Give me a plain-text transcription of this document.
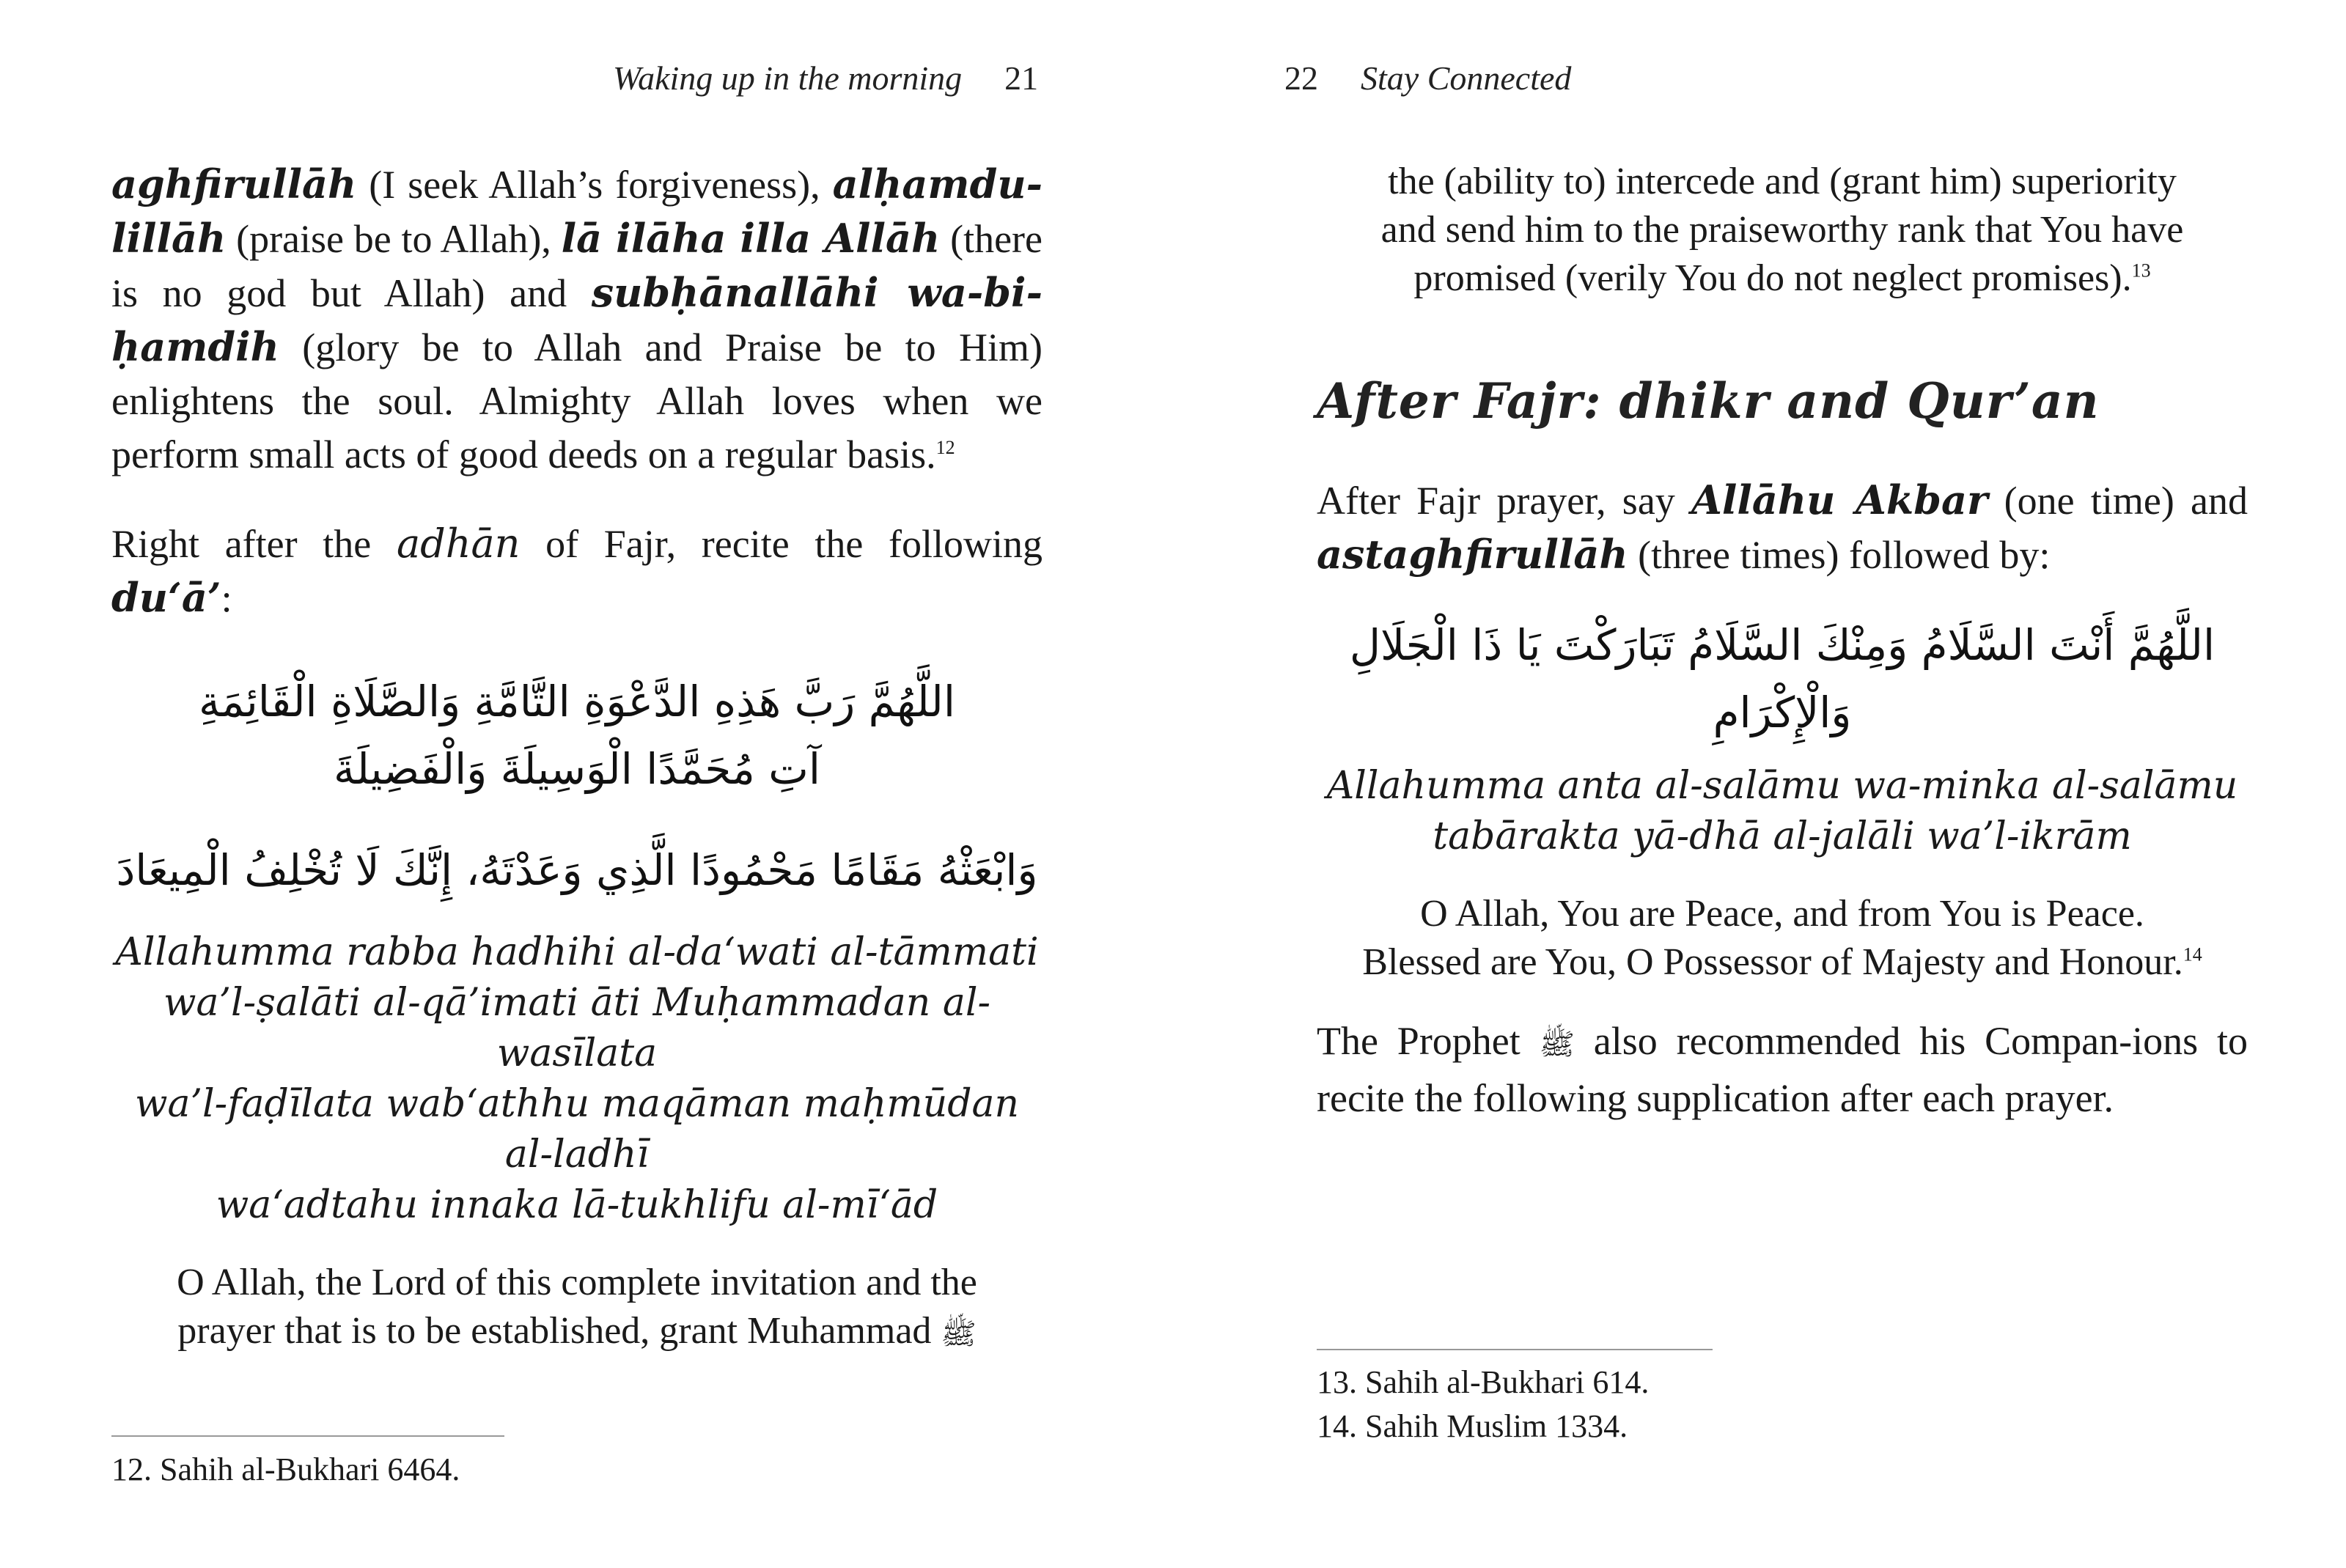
Waking up in the morning 21

aghfirullāh (I seek Allah’s forgiveness), alḥamdu-lillāh (praise be to Allah), lā ilāha illa Allāh (there is no god but Allah) and subḥānallāhi wa-bi-ḥamdih (glory be to Allah and Praise be to Him) enlightens the soul. Almighty Allah loves when we perform small acts of good deeds on a regular basis.$^{12}$

Right after the adhān of Fajr, recite the following du‘ā’:

اللَّهُمَّ رَبَّ هَذِهِ الدَّعْوَةِ التَّامَّةِ وَالصَّلَاةِ الْقَائِمَةِ
آتِ مُحَمَّدًا الْوَسِيلَةَ وَالْفَضِيلَةَ
وَابْعَثْهُ مَقَامًا مَحْمُودًا الَّذِي وَعَدْتَهُ، إِنَّكَ لَا تُخْلِفُ الْمِيعَادَ
Allahumma rabba hadhihi al-da‘wati al-tāmmati
wa’l-ṣalāti al-qā’imati āti Muḥammadan al-wasīlata
wa’l-faḍīlata wab‘athhu maqāman maḥmūdan al-ladhī
wa‘adtahu innaka lā-tukhlifu al-mī‘ād
O Allah, the Lord of this complete invitation and the
prayer that is to be established, grant Muhammad ﷺ
12. Sahih al-Bukhari 6464.
22 Stay Connected
the (ability to) intercede and (grant him) superiority
and send him to the praiseworthy rank that You have
promised (verily You do not neglect promises).$^{13}$
After Fajr: dhikr and Qur’an

After Fajr prayer, say Allāhu Akbar (one time) and astaghfirullāh (three times) followed by:

اللَّهُمَّ أَنْتَ السَّلَامُ وَمِنْكَ السَّلَامُ تَبَارَكْتَ يَا ذَا الْجَلَالِ وَالْإِكْرَامِ
Allahumma anta al-salāmu wa-minka al-salāmu
tabārakta yā-dhā al-jalāli wa’l-ikrām
O Allah, You are Peace, and from You is Peace.
Blessed are You, O Possessor of Majesty and Honour.$^{14}$

The Prophet ﷺ also recommended his Compan-ions to recite the following supplication after each prayer.

13. Sahih al-Bukhari 614.
14. Sahih Muslim 1334.
